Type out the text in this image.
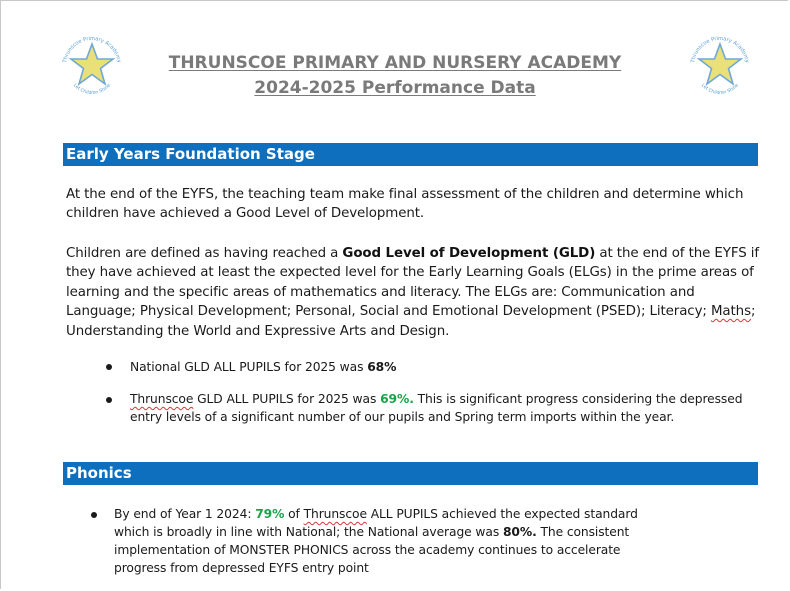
Thrunscoe Primary Academy
Let Children Shine
Thrunscoe Primary Academy
Let Children Shine
THRUNSCOE PRIMARY AND NURSERY ACADEMY
2024-2025 Performance Data
Early Years Foundation Stage
At the end of the EYFS, the teaching team make final assessment of the children and determine which children have achieved a Good Level of Development.
Children are defined as having reached a Good Level of Development (GLD) at the end of the EYFS if they have achieved at least the expected level for the Early Learning Goals (ELGs) in the prime areas of learning and the specific areas of mathematics and literacy. The ELGs are: Communication and Language; Physical Development; Personal, Social and Emotional Development (PSED); Literacy; Maths; Understanding the World and Expressive Arts and Design.
National GLD ALL PUPILS for 2025 was 68%
Thrunscoe GLD ALL PUPILS for 2025 was 69%. This is significant progress considering the depressed entry levels of a significant number of our pupils and Spring term imports within the year.
Phonics
By end of Year 1 2024: 79% of Thrunscoe ALL PUPILS achieved the expected standard which is broadly in line with National; the National average was 80%. The consistent implementation of MONSTER PHONICS across the academy continues to accelerate progress from depressed EYFS entry point
